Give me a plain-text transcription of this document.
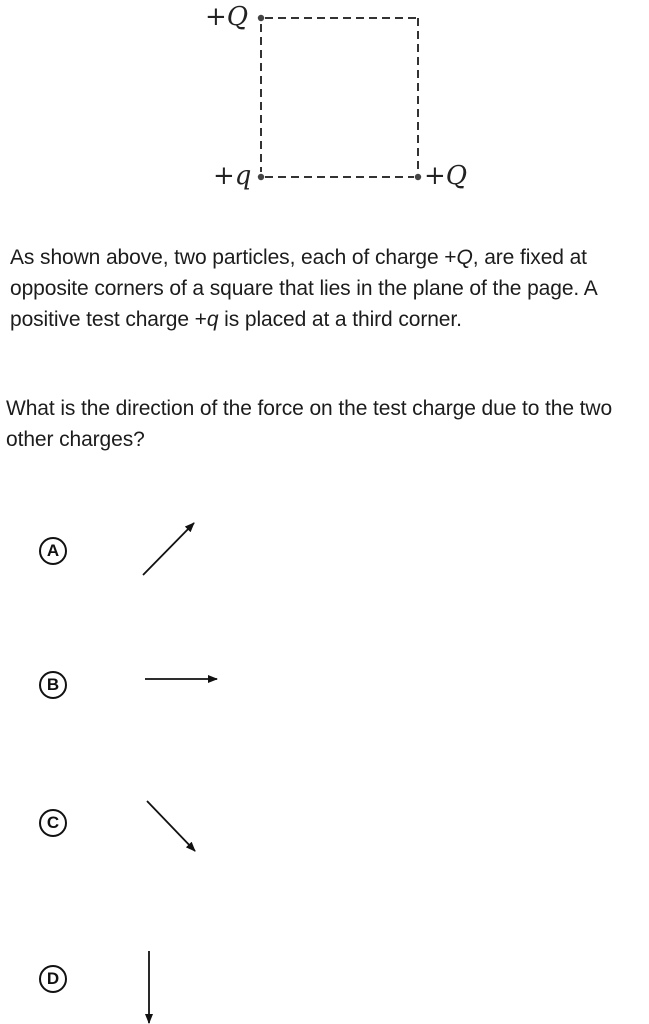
+Q
+q	+Q
As shown above, two particles, each of charge +Q, are fixed at opposite corners of a square that lies in the plane of the page. A positive test charge +q is placed at a third corner.
What is the direction of the force on the test charge due to the two other charges?
A
B
C
D
